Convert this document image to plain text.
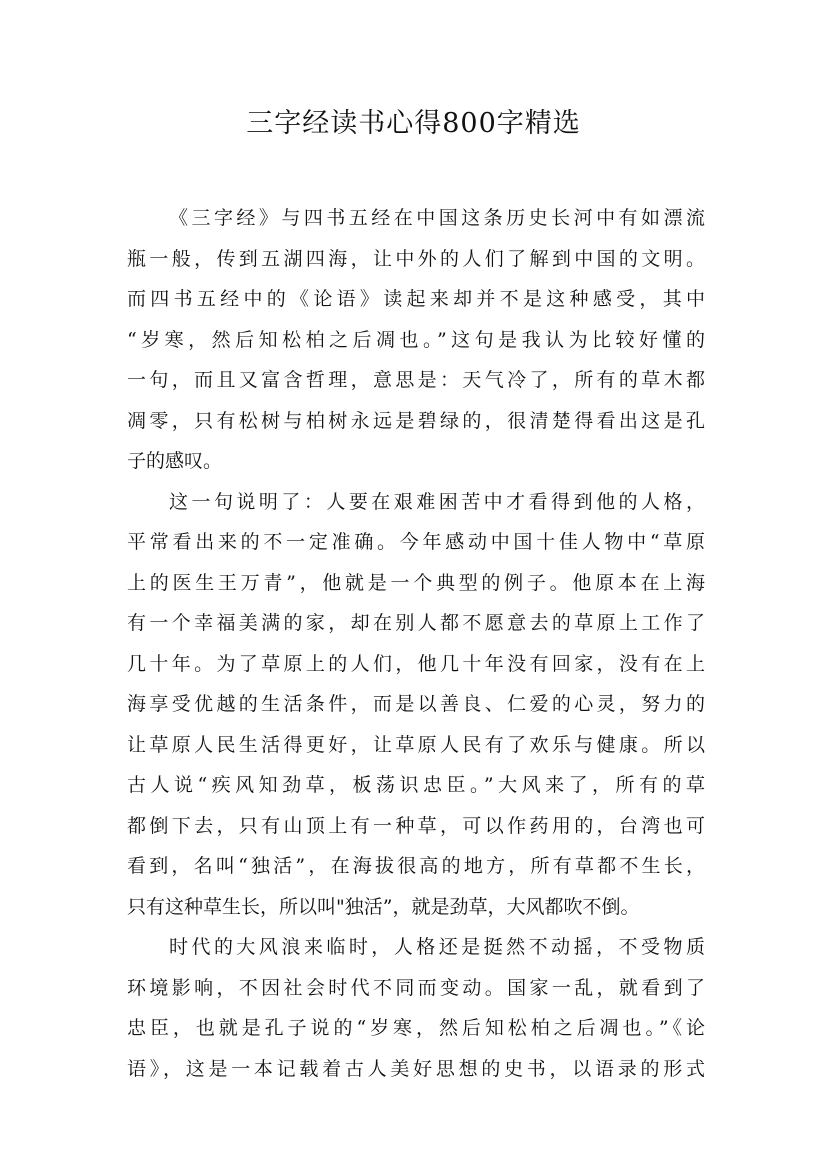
三字经读书心得800字精选
《三字经》与四书五经在中国这条历史长河中有如漂流
瓶一般，传到五湖四海，让中外的人们了解到中国的文明。
而四书五经中的《论语》读起来却并不是这种感受，其中
“岁寒，然后知松柏之后凋也。”这句是我认为比较好懂的
一句，而且又富含哲理，意思是：天气冷了，所有的草木都
凋零，只有松树与柏树永远是碧绿的，很清楚得看出这是孔
子的感叹。
这一句说明了：人要在艰难困苦中才看得到他的人格，
平常看出来的不一定准确。今年感动中国十佳人物中“草原
上的医生王万青”，他就是一个典型的例子。他原本在上海
有一个幸福美满的家，却在别人都不愿意去的草原上工作了
几十年。为了草原上的人们，他几十年没有回家，没有在上
海享受优越的生活条件，而是以善良、仁爱的心灵，努力的
让草原人民生活得更好，让草原人民有了欢乐与健康。所以
古人说“疾风知劲草，板荡识忠臣。”大风来了，所有的草
都倒下去，只有山顶上有一种草，可以作药用的，台湾也可
看到，名叫“独活”，在海拔很高的地方，所有草都不生长，
只有这种草生长，所以叫"独活”，就是劲草，大风都吹不倒。
时代的大风浪来临时，人格还是挺然不动摇，不受物质
环境影响，不因社会时代不同而变动。国家一乱，就看到了
忠臣，也就是孔子说的“岁寒，然后知松柏之后凋也。”《论
语》，这是一本记载着古人美好思想的史书，以语录的形式
